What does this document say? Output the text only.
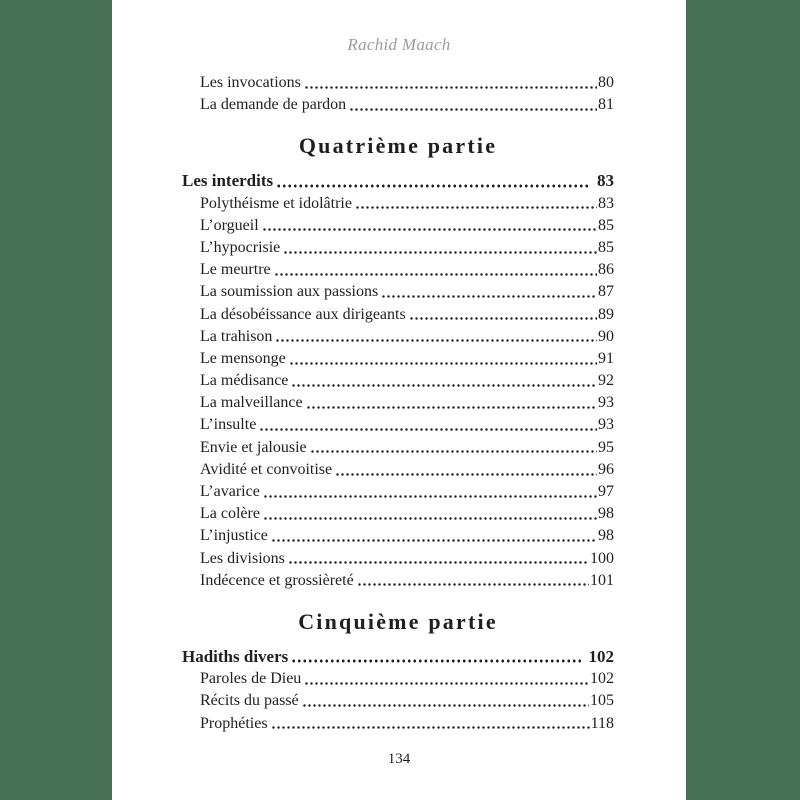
Rachid Maach
Les invocations	80
La demande de pardon	81
Quatrième partie
Les interdits	83
Polythéisme et idolâtrie	83
L’orgueil	85
L’hypocrisie	85
Le meurtre	86
La soumission aux passions	87
La désobéissance aux dirigeants	89
La trahison	90
Le mensonge	91
La médisance	92
La malveillance	93
L’insulte	93
Envie et jalousie	95
Avidité et convoitise	96
L’avarice	97
La colère	98
L’injustice	98
Les divisions	100
Indécence et grossièreté	101
Cinquième partie
Hadiths divers	102
Paroles de Dieu	102
Récits du passé	105
Prophéties	118
134
